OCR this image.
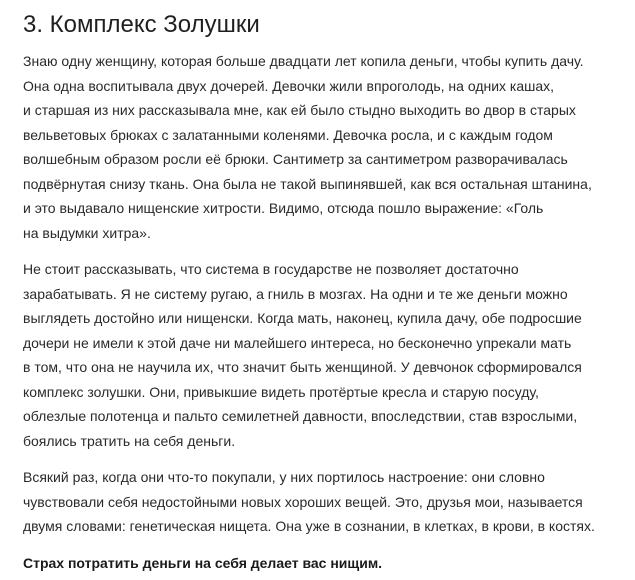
3. Комплекс Золушки

Знаю одну женщину, которая больше двадцати лет копила деньги, чтобы купить дачу.
Она одна воспитывала двух дочерей. Девочки жили впроголодь, на одних кашах,
и старшая из них рассказывала мне, как ей было стыдно выходить во двор в старых
вельветовых брюках с залатанными коленями. Девочка росла, и с каждым годом
волшебным образом росли её брюки. Сантиметр за сантиметром разворачивалась
подвёрнутая снизу ткань. Она была не такой выпинявшей, как вся остальная штанина,
и это выдавало нищенские хитрости. Видимо, отсюда пошло выражение: «Голь
на выдумки хитра».

Не стоит рассказывать, что система в государстве не позволяет достаточно
зарабатывать. Я не систему ругаю, а гниль в мозгах. На одни и те же деньги можно
выглядеть достойно или нищенски. Когда мать, наконец, купила дачу, обе подросшие
дочери не имели к этой даче ни малейшего интереса, но бесконечно упрекали мать
в том, что она не научила их, что значит быть женщиной. У девчонок сформировался
комплекс золушки. Они, привыкшие видеть протёртые кресла и старую посуду,
облезлые полотенца и пальто семилетней давности, впоследствии, став взрослыми,
боялись тратить на себя деньги.

Всякий раз, когда они что-то покупали, у них портилось настроение: они словно
чувствовали себя недостойными новых хороших вещей. Это, друзья мои, называется
двумя словами: генетическая нищета. Она уже в сознании, в клетках, в крови, в костях.

Страх потратить деньги на себя делает вас нищим.
